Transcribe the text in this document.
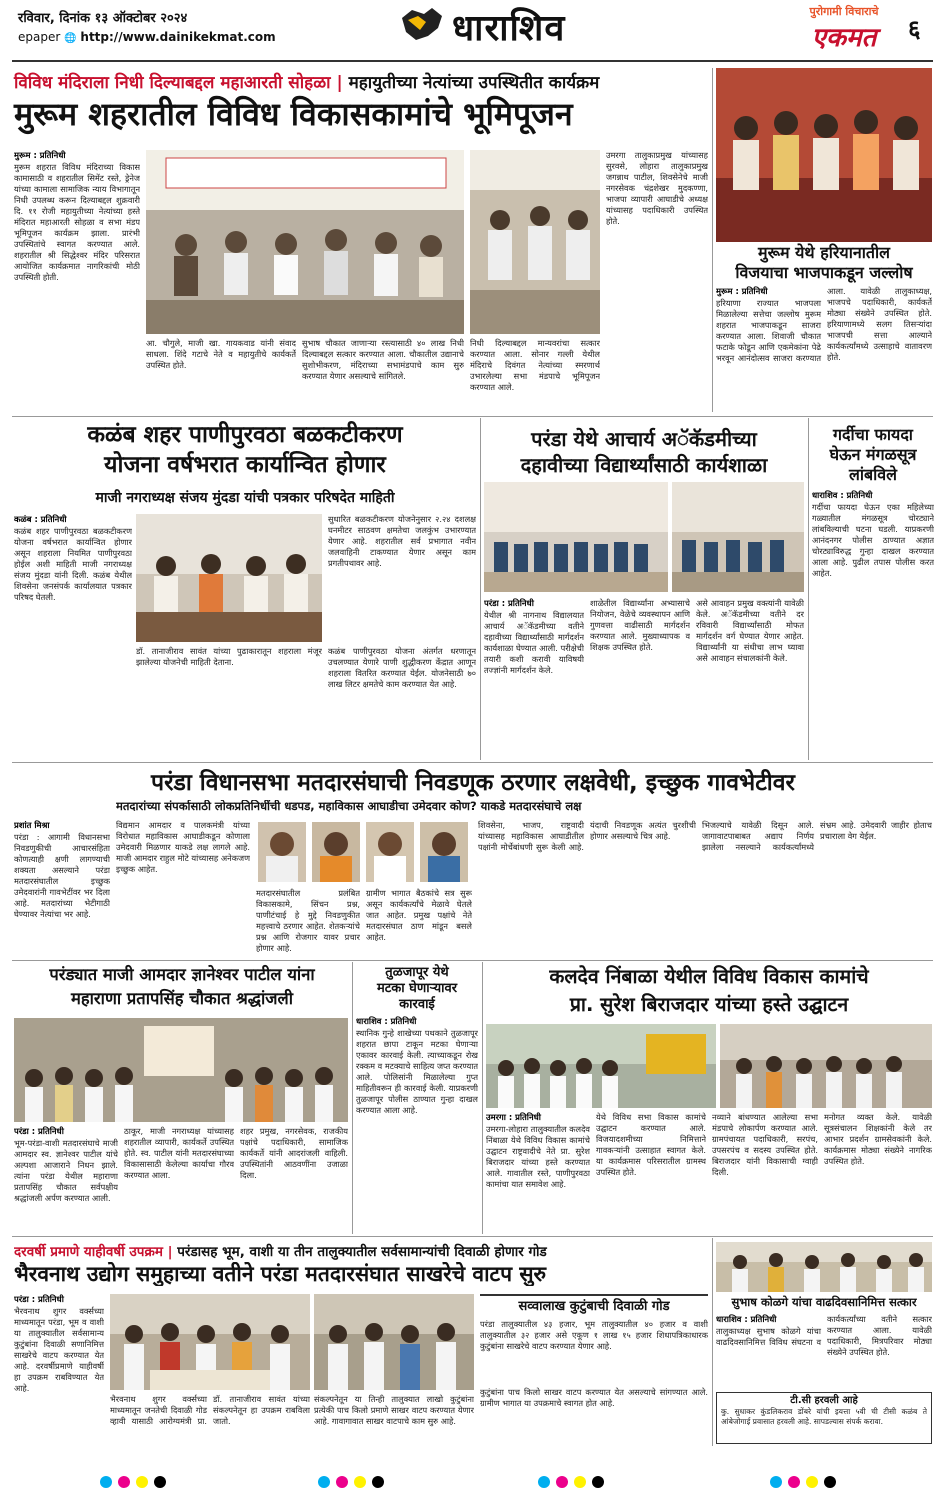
रविवार, दिनांक १३ ऑक्टोबर २०२४
epaper 🌐 http://www.dainikekmat.com	धाराशिव	पुरोगामी विचाराचे
एकमत	६
विविध मंदिराला निधी दिल्याबद्दल महाआरती सोहळा | महायुतीच्या नेत्यांच्या उपस्थितीत कार्यक्रम
मुरूम शहरातील विविध विकासकामांचे भूमिपूजन
मुरूम : प्रतिनिधी
मुरूम शहरात विविध मंदिराच्या विकास कामासाठी व शहरातील सिमेंट रस्ते, ड्रेनेज यांच्या कामाला सामाजिक न्याय विभागातून निधी उपलब्ध करून दिल्याबद्दल शुक्रवारी दि. ११ रोजी महायुतीच्या नेत्यांच्या हस्ते मंदिरात महाआरती सोहळा व सभा मंडप भूमिपूजन कार्यक्रम झाला. प्रारंभी उपस्थितांचे स्वागत करण्यात आले. शहरातील श्री सिद्धेश्वर मंदिर परिसरात आयोजित कार्यक्रमात नागरिकांची मोठी उपस्थिती होती.
आ. चौगुले, माजी खा. गायकवाड यांनी संवाद साधला. शिंदे गटाचे नेते व महायुतीचे कार्यकर्ते उपस्थित होते.
सुभाष चौकात जाणाऱ्या रस्त्यासाठी ४० लाख निधी दिल्याबद्दल सत्कार करण्यात आला. चौकातील उद्यानाचे सुशोभीकरण, मंदिराच्या सभामंडपाचे काम सुरु करण्यात येणार असल्याचे सांगितले.
निधी दिल्याबद्दल मान्यवरांचा सत्कार करण्यात आला. सोनार गल्ली येथील मंदिराचे दिवंगत नेत्यांच्या स्मरणार्थ उभारलेल्या सभा मंडपाचे भूमिपूजन करण्यात आले.
उमरगा तालुकाप्रमुख यांच्यासह सुरवसे, लोहारा तालुकाप्रमुख जगन्नाथ पाटील, शिवसेनेचे माजी नगरसेवक चंद्रशेखर मुदकण्णा, भाजपा व्यापारी आघाडीचे अध्यक्ष यांच्यासह पदाधिकारी उपस्थित होते.
मुरूम येथे हरियानातील
विजयाचा भाजपाकडून जल्लोष
मुरूम : प्रतिनिधी
हरियाणा राज्यात भाजपला मिळालेल्या सत्तेचा जल्लोष मुरूम शहरात भाजपाकडून साजरा करण्यात आला. शिवाजी चौकात फटाके फोडून आणि एकमेकांना पेढे भरवून आनंदोत्सव साजरा करण्यात आला. यावेळी तालुकाध्यक्ष, भाजपचे पदाधिकारी, कार्यकर्ते मोठ्या संख्येने उपस्थित होते. हरियाणामध्ये सलग तिसऱ्यांदा भाजपची सत्ता आल्याने कार्यकर्त्यांमध्ये उत्साहाचे वातावरण होते.
कळंब शहर पाणीपुरवठा बळकटीकरण
योजना वर्षभरात कार्यान्वित होणार
माजी नगराध्यक्ष संजय मुंदडा यांची पत्रकार परिषदेत माहिती
कळंब : प्रतिनिधी
कळंब शहर पाणीपुरवठा बळकटीकरण योजना वर्षभरात कार्यान्वित होणार असून शहराला नियमित पाणीपुरवठा होईल अशी माहिती माजी नगराध्यक्ष संजय मुंदडा यांनी दिली. कळंब येथील शिवसेना जनसंपर्क कार्यालयात पत्रकार परिषद घेतली.
डॉ. तानाजीराव सावंत यांच्या पुढाकारातून शहराला मंजूर झालेल्या योजनेची माहिती देताना.
सुधारित बळकटीकरण योजनेनुसार २.२४ दशलक्ष घनमीटर साठवण क्षमतेचा जलकुंभ उभारण्यात येणार आहे. शहरातील सर्व प्रभागात नवीन जलवाहिनी टाकण्यात येणार असून काम प्रगतीपथावर आहे.
कळंब पाणीपुरवठा योजना अंतर्गत धरणातून उचलण्यात येणारे पाणी शुद्धीकरण केंद्रात आणून शहराला वितरित करण्यात येईल. योजनेसाठी ७० लाख लिटर क्षमतेचे काम करण्यात येत आहे.
परंडा येथे आचार्य अॅकॅडमीच्या
दहावीच्या विद्यार्थ्यांसाठी कार्यशाळा
परंडा : प्रतिनिधी
येथील श्री नागनाथ विद्यालयात आचार्य अॅकॅडमीच्या वतीने दहावीच्या विद्यार्थ्यांसाठी मार्गदर्शन कार्यशाळा घेण्यात आली. परीक्षेची तयारी कशी करावी याविषयी तज्ज्ञांनी मार्गदर्शन केले.
शाळेतील विद्यार्थ्यांना अभ्यासाचे नियोजन, वेळेचे व्यवस्थापन आणि गुणवत्ता वाढीसाठी मार्गदर्शन करण्यात आले. मुख्याध्यापक व शिक्षक उपस्थित होते.
असे आवाहन प्रमुख वक्त्यांनी यावेळी केले. अॅकॅडमीच्या वतीने दर रविवारी विद्यार्थ्यांसाठी मोफत मार्गदर्शन वर्ग घेण्यात येणार आहेत. विद्यार्थ्यांनी या संधीचा लाभ घ्यावा असे आवाहन संचालकांनी केले.
गर्दीचा फायदा
घेऊन मंगळसूत्र
लांबविले
धाराशिव : प्रतिनिधी
गर्दीचा फायदा घेऊन एका महिलेच्या गळ्यातील मंगळसूत्र चोरट्याने लांबविल्याची घटना घडली. याप्रकरणी आनंदनगर पोलीस ठाण्यात अज्ञात चोरट्याविरुद्ध गुन्हा दाखल करण्यात आला आहे. पुढील तपास पोलीस करत आहेत.
परंडा विधानसभा मतदारसंघाची निवडणूक ठरणार लक्षवेधी, इच्छुक गावभेटीवर
मतदारांच्या संपर्कासाठी लोकप्रतिनिधींची धडपड, महाविकास आघाडीचा उमेदवार कोण? याकडे मतदारसंघाचे लक्ष
प्रशांत मिश्रा
परंडा : आगामी विधानसभा निवडणुकीची आचारसंहिता कोणत्याही क्षणी लागण्याची शक्यता असल्याने परंडा मतदारसंघातील इच्छुक उमेदवारांनी गावभेटींवर भर दिला आहे. मतदारांच्या भेटीगाठी घेण्यावर नेत्यांचा भर आहे.
विद्यमान आमदार व पालकमंत्री यांच्या विरोधात महाविकास आघाडीकडून कोणाला उमेदवारी मिळणार याकडे लक्ष लागले आहे. माजी आमदार राहुल मोटे यांच्यासह अनेकजण इच्छुक आहेत.
मतदारसंघातील प्रलंबित विकासकामे, सिंचन प्रश्न, पाणीटंचाई हे मुद्दे निवडणुकीत महत्त्वाचे ठरणार आहेत. शेतकऱ्यांचे प्रश्न आणि रोजगार यावर प्रचार होणार आहे.
ग्रामीण भागात बैठकांचे सत्र सुरू असून कार्यकर्त्यांचे मेळावे घेतले जात आहेत. प्रमुख पक्षांचे नेते मतदारसंघात ठाण मांडून बसले आहेत.
शिवसेना, भाजप, राष्ट्रवादी यांच्यासह महाविकास आघाडीतील पक्षांनी मोर्चेबांधणी सुरू केली आहे. यंदाची निवडणूक अत्यंत चुरशीची होणार असल्याचे चित्र आहे.
भिजल्याचे यावेळी दिसून आले. जागावाटपाबाबत अद्याप निर्णय झालेला नसल्याने कार्यकर्त्यांमध्ये संभ्रम आहे. उमेदवारी जाहीर होताच प्रचाराला वेग येईल.
परंड्यात माजी आमदार ज्ञानेश्वर पाटील यांना
महाराणा प्रतापसिंह चौकात श्रद्धांजली
परंडा : प्रतिनिधी
भूम-परंडा-वाशी मतदारसंघाचे माजी आमदार स्व. ज्ञानेश्वर पाटील यांचे अल्पशा आजाराने निधन झाले. त्यांना परंडा येथील महाराणा प्रतापसिंह चौकात सर्वपक्षीय श्रद्धांजली अर्पण करण्यात आली.
ठाकूर, माजी नगराध्यक्ष यांच्यासह शहरातील व्यापारी, कार्यकर्ते उपस्थित होते. स्व. पाटील यांनी मतदारसंघाच्या विकासासाठी केलेल्या कार्याचा गौरव करण्यात आला.
शहर प्रमुख, नगरसेवक, राजकीय पक्षांचे पदाधिकारी, सामाजिक कार्यकर्ते यांनी आदरांजली वाहिली. उपस्थितांनी आठवणींना उजाळा दिला.
तुळजापूर येथे
मटका घेणाऱ्यावर
कारवाई
धाराशिव : प्रतिनिधी
स्थानिक गुन्हे शाखेच्या पथकाने तुळजापूर शहरात छापा टाकून मटका घेणाऱ्या एकावर कारवाई केली. त्याच्याकडून रोख रक्कम व मटक्याचे साहित्य जप्त करण्यात आले. पोलिसांनी मिळालेल्या गुप्त माहितीवरून ही कारवाई केली. याप्रकरणी तुळजापूर पोलीस ठाण्यात गुन्हा दाखल करण्यात आला आहे.
कलदेव निंबाळा येथील विविध विकास कामांचे
प्रा. सुरेश बिराजदार यांच्या हस्ते उद्घाटन
उमरगा : प्रतिनिधी
उमरगा-लोहारा तालुक्यातील कलदेव निंबाळा येथे विविध विकास कामांचे उद्घाटन राष्ट्रवादीचे नेते प्रा. सुरेश बिराजदार यांच्या हस्ते करण्यात आले. गावातील रस्ते, पाणीपुरवठा कामांचा यात समावेश आहे.
येथे विविध सभा विकास कामांचे उद्घाटन करण्यात आले. विजयादशमीच्या निमित्ताने गावकऱ्यांनी उत्साहात स्वागत केले. या कार्यक्रमास परिसरातील ग्रामस्थ उपस्थित होते.
नव्याने बांधण्यात आलेल्या सभा मंडपाचे लोकार्पण करण्यात आले. ग्रामपंचायत पदाधिकारी, सरपंच, उपसरपंच व सदस्य उपस्थित होते. बिराजदार यांनी विकासाची ग्वाही दिली.
मनोगत व्यक्त केले. यावेळी सूत्रसंचालन शिक्षकांनी केले तर आभार प्रदर्शन ग्रामसेवकांनी केले. कार्यक्रमास मोठ्या संख्येने नागरिक उपस्थित होते.
दरवर्षी प्रमाणे याहीवर्षी उपक्रम | परंडासह भूम, वाशी या तीन तालुक्यातील सर्वसामान्यांची दिवाळी होणार गोड
भैरवनाथ उद्योग समुहाच्या वतीने परंडा मतदारसंघात साखरेचे वाटप सुरु
परंडा : प्रतिनिधी
भैरवनाथ शुगर वर्क्सच्या माध्यमातून परंडा, भूम व वाशी या तालुक्यातील सर्वसामान्य कुटुंबांना दिवाळी सणानिमित्त साखरेचे वाटप करण्यात येत आहे. दरवर्षीप्रमाणे याहीवर्षी हा उपक्रम राबविण्यात येत आहे.
भैरवनाथ शुगर वर्क्सच्या माध्यमातून जनतेची दिवाळी गोड व्हावी यासाठी आरोग्यमंत्री प्रा. डॉ. तानाजीराव सावंत यांच्या संकल्पनेतून हा उपक्रम राबविला जातो.
संकल्पनेतून या तिन्ही तालुक्यात लाखो कुटुंबांना प्रत्येकी पाच किलो प्रमाणे साखर वाटप करण्यात येणार आहे. गावागावात साखर वाटपाचे काम सुरु आहे.
सव्वालाख कुटुंबाची दिवाळी गोड
परंडा तालुक्यातील ४३ हजार, भूम तालुक्यातील ४० हजार व वाशी तालुक्यातील ३२ हजार असे एकूण १ लाख १५ हजार शिधापत्रिकाधारक कुटुंबांना साखरेचे वाटप करण्यात येणार आहे.
कुटुंबांना पाच किलो साखर वाटप करण्यात येत असल्याचे सांगण्यात आले. ग्रामीण भागात या उपक्रमाचे स्वागत होत आहे.
सुभाष कोळगे यांचा वाढदिवसानिमित्त सत्कार
धाराशिव : प्रतिनिधी
तालुकाध्यक्ष सुभाष कोळगे यांचा वाढदिवसानिमित्त विविध संघटना व कार्यकर्त्यांच्या वतीने सत्कार करण्यात आला. यावेळी पदाधिकारी, मित्रपरिवार मोठ्या संख्येने उपस्थित होते.
टी.सी हरवली आहे
कु. सुधाकर कुंडलिकराव डोंबरे यांची इयत्ता ५वी ची टीसी कळंब ते आंबेजोगाई प्रवासात हरवली आहे. सापडल्यास संपर्क करावा.
